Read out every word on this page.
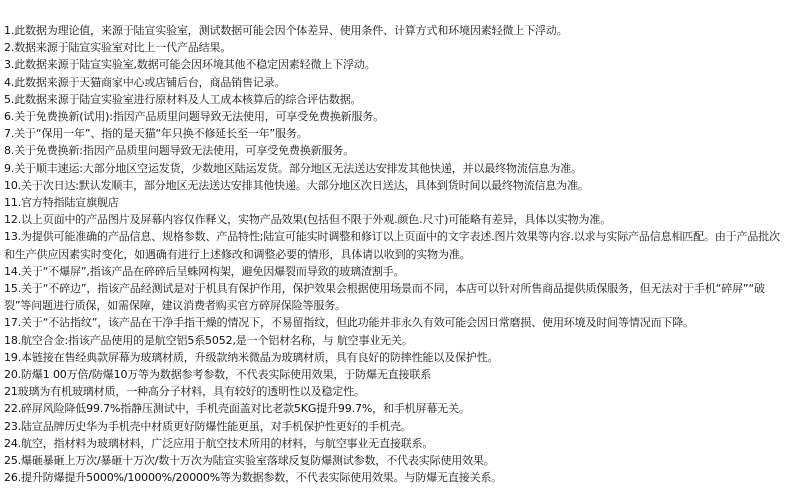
1.此数据为理论值，来源于陆宣实验室，测试数据可能会因个体差异、使用条件、计算方式和环境因素轻微上下浮动。
2.数据来源于陆宣实验室对比上一代产品结果。
3.此数据来源于陆宣实验室,数据可能会因环境其他不稳定因素轻微上下浮动。
4.此数据来源于天猫商家中心或店铺后台，商品销售记录。
5.此数据来源于陆宣实验室进行原材料及人工成本核算后的综合评估数据。
6.关于免费换新(试用):指因产品质里问题导致无法使用，可享受免费换新服务。
7.关于“保用一年”、指的是天猫“年只换不修延长至一年”服务。
8.关于免费换新:指因产品质里问题导致无法使用，可享受免费换新服务。
9.关于顺丰速运:大部分地区空运发货，少数地区陆运发货。部分地区无法送达安排发其他快递，并以最终物流信息为准。
10.关于次日达:默认发顺丰，部分地区无法送达安排其他快递。大部分地区次日送达，具体到货时间以最终物流信息为准。
11.官方特指陆宣旗舰店
12.以上页面中的产品图片及屏幕内容仅作释义，实物产品效果(包括但不限于外观.颜色.尺寸)可能略有差异，具体以实物为准。
13.为提供可能准确的产品信息、规格参数、产品特性;陆宣可能实时调整和修订以上页面中的文字表述.图片效果等内容.以求与实际产品信息相匹配。由于产品批次和生产供应因素实时变化，如遇确有进行上述修改和调整必要的情形，具体请以收到的实物为准。
14.关于“不爆屏”,指该产品在碎碎后呈蛛网构架，避免因爆裂而导致的玻璃渣割手。
15.关于“不碎边”，指该产品经测试是对于机具有保护作用，保护效果会根据使用场景而不同，本店可以针对所售商品提供质保服务，但无法对于手机“碎屏”“破裂”等问题进行质保，如需保障，建议消费者购买官方碎屏保险等服务。
17.关于“不沾指纹”，该产品在干净手指干燥的情况下，不易留指纹，但此功能并非永久有效可能会因日常磨损、使用环境及时间等情况而下降。
18.航空合金:指该产品使用的是航空铝5系5052,是一个铝材名称，与 航空事业无关。
19.本链接在售经典款屏幕为玻璃材质，升级款纳米微晶为玻璃材质，具有良好的防摔性能以及保护性。
20.防爆1 00万倍/防爆10万等为数据参考参数，不代表实际使用效果，于防爆无直接联系
21玻璃为有机玻璃材质，一种高分子材料，具有较好的透明性以及稳定性。
22.碎屏风险降低99.7%指静压测试中，手机壳面盖对比老款5KG提升99.7%，和手机屏幕无关。
23.陆宣品牌历史华为手机壳中材质更好防爆性能更虽，对手机保护性更好的手机壳。
24.航空，指材料为玻璃材料，广泛应用于航空技术所用的材料，与航空事业无直接联系。
25.爆砸暴砸上万次/暴砸十万次/数十万次为陆宣实验室落球反复防爆测试参数，不代表实际使用效果。
26.提升防爆提升5000%/10000%/20000%等为数据参数，不代表实际使用效果。与防爆无直接关系。
